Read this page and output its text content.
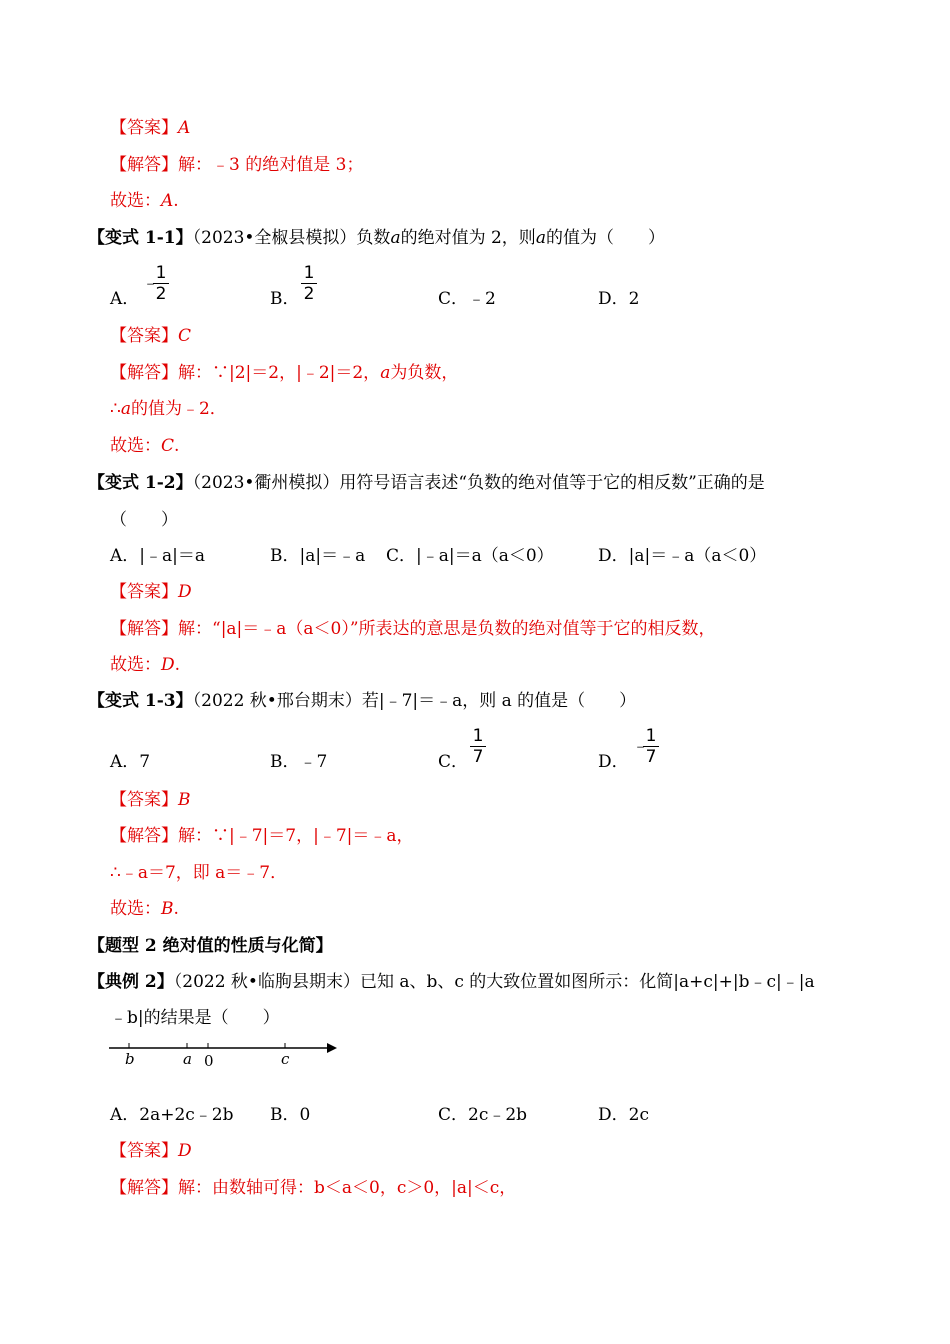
【答案】A
【解答】解：﹣3 的绝对值是 3；
故选：A.
【变式 1-1】（2023•全椒县模拟）负数a的绝对值为 2，则a的值为（　　）
A．
﹣
1
2	B．
1
2	C．﹣2	D．2
【答案】C
【解答】解：∵|2|＝2，|﹣2|＝2，a为负数，
∴a的值为﹣2．
故选：C.
【变式 1-2】（2023•衢州模拟）用符号语言表述“负数的绝对值等于它的相反数”正确的是
（　　）
A．|﹣a|＝a	B．|a|＝﹣a C．|﹣a|＝a（a＜0）	D．|a|＝﹣a（a＜0）
【答案】D
【解答】解：“|a|＝﹣a（a＜0）”所表达的意思是负数的绝对值等于它的相反数，
故选：D.
【变式 1-3】（2022 秋•邢台期末）若|﹣7|＝﹣a，则 a 的值是（　　）
A．7	B．﹣7	C．
1
7	D．
﹣
1
7
【答案】B
【解答】解：∵|﹣7|＝7，|﹣7|＝﹣a，
∴﹣a＝7，即 a＝﹣7．
故选：B.
【题型 2 绝对值的性质与化简】
【典例 2】（2022 秋•临朐县期末）已知 a、b、c 的大致位置如图所示：化简|a+c|+|b﹣c|﹣|a
﹣b|的结果是（　　）
b	a 0	c
A．2a+2c﹣2b B．0	C．2c﹣2b	D．2c
【答案】D
【解答】解：由数轴可得：b＜a＜0，c＞0，|a|＜c，
